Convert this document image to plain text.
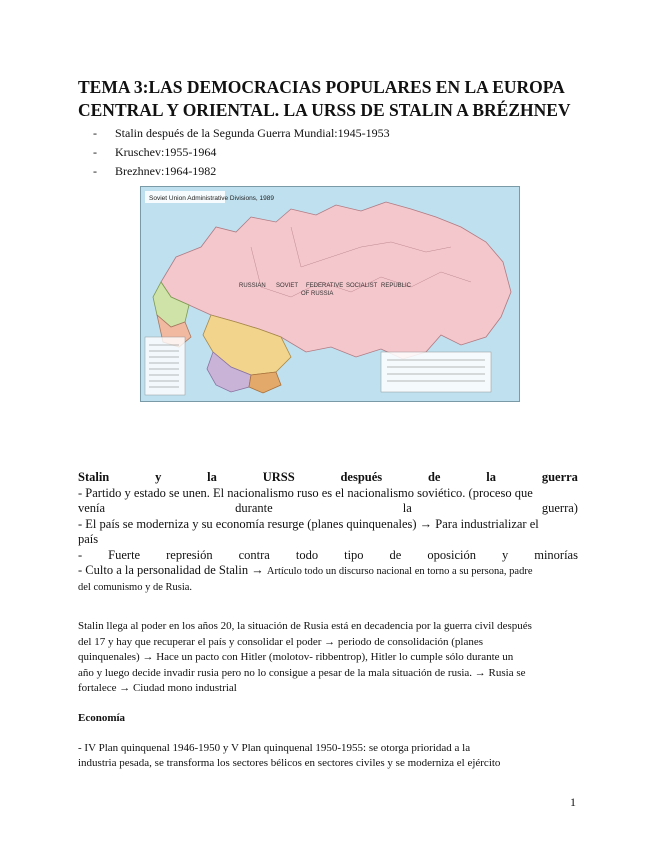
TEMA 3:LAS DEMOCRACIAS POPULARES EN LA EUROPA
CENTRAL Y ORIENTAL. LA URSS DE STALIN A BRÉZHNEV
-	Stalin después de la Segunda Guerra Mundial:1945-1953
-	Kruschev:1955-1964
-	Brezhnev:1964-1982
Soviet Union Administrative Divisions, 1989
RUSSIAN SOVIET FEDERATIVE SOCIALIST REPUBLIC
OF RUSSIA
Stalin	y	la	URSS	después	de	la	guerra
- Partido y estado se unen. El nacionalismo ruso es el nacionalismo soviético. (proceso que
venía	durante	la	guerra)
- El país se moderniza y su economía resurge (planes quinquenales) → Para industrializar el
país
- Fuerte represión contra todo tipo de oposición y minorías
- Culto a la personalidad de Stalin → Artículo todo un discurso nacional en torno a su persona, padre
del comunismo y de Rusia.
Stalin llega al poder en los años 20, la situación de Rusia está en decadencia por la guerra civil después
del 17 y hay que recuperar el país y consolidar el poder → periodo de consolidación (planes
quinquenales) → Hace un pacto con Hitler (molotov- ribbentrop), Hitler lo cumple sólo durante un
año y luego decide invadir rusia pero no lo consigue a pesar de la mala situación de rusia. → Rusia se
fortalece → Ciudad mono industrial
Economía
- IV Plan quinquenal 1946-1950 y V Plan quinquenal 1950-1955: se otorga prioridad a la
industria pesada, se transforma los sectores bélicos en sectores civiles y se moderniza el ejército
1
